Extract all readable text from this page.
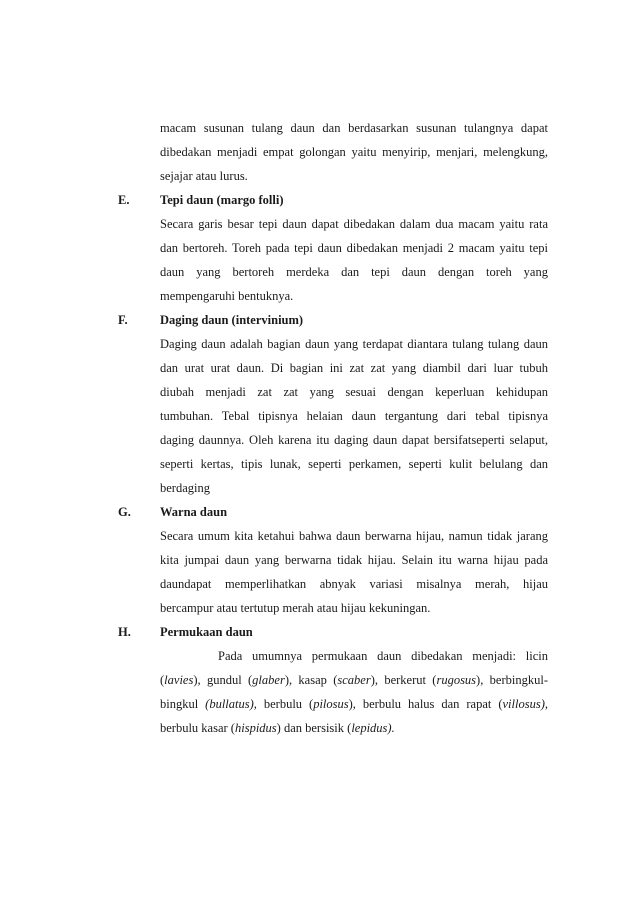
macam susunan tulang daun dan berdasarkan susunan tulangnya dapat
dibedakan menjadi empat golongan yaitu menyirip, menjari, melengkung,
sejajar atau lurus.
E.	Tepi daun (margo folli)
Secara garis besar tepi daun dapat dibedakan dalam dua macam yaitu rata
dan bertoreh. Toreh pada tepi daun dibedakan menjadi 2 macam yaitu tepi
daun yang bertoreh merdeka dan tepi daun dengan toreh yang
mempengaruhi bentuknya.
F.	Daging daun (intervinium)
Daging daun adalah bagian daun yang terdapat diantara tulang tulang daun
dan urat urat daun. Di bagian ini zat zat yang diambil dari luar tubuh
diubah menjadi zat zat yang sesuai dengan keperluan kehidupan
tumbuhan. Tebal tipisnya helaian daun tergantung dari tebal tipisnya
daging daunnya. Oleh karena itu daging daun dapat bersifatseperti selaput,
seperti kertas, tipis lunak, seperti perkamen, seperti kulit belulang dan
berdaging
G.	Warna daun
Secara umum kita ketahui bahwa daun berwarna hijau, namun tidak jarang
kita jumpai daun yang berwarna tidak hijau. Selain itu warna hijau pada
daundapat memperlihatkan abnyak variasi misalnya merah, hijau
bercampur atau tertutup merah atau hijau kekuningan.
H.	Permukaan daun
Pada umumnya permukaan daun dibedakan menjadi: licin
(lavies), gundul (glaber), kasap (scaber), berkerut (rugosus), berbingkul-
bingkul (bullatus), berbulu (pilosus), berbulu halus dan rapat (villosus),
berbulu kasar (hispidus) dan bersisik (lepidus).
